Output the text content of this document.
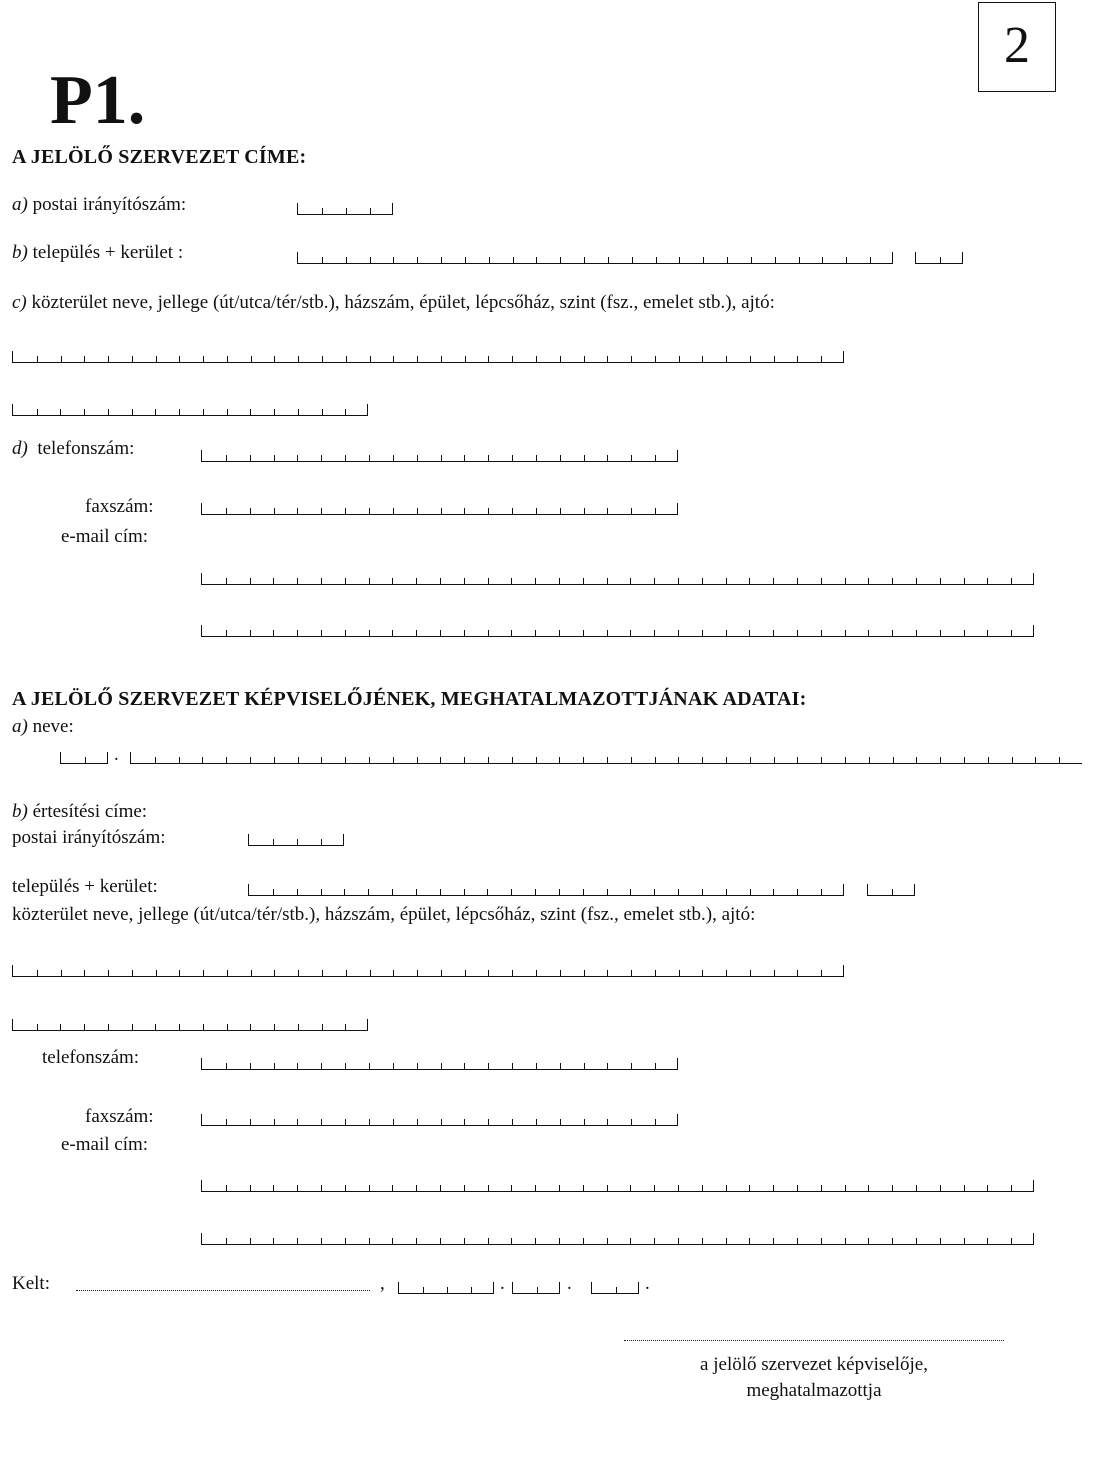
P1.
2
A JELÖLŐ SZERVEZET CÍME:
a) postai irányítószám:
b) település + kerület :
c) közterület neve, jellege (út/utca/tér/stb.), házszám, épület, lépcsőház, szint (fsz., emelet stb.), ajtó:
d) telefonszám:
faxszám:
e-mail cím:
A JELÖLŐ SZERVEZET KÉPVISELŐJÉNEK, MEGHATALMAZOTTJÁNAK ADATAI:
a) neve:
.
b) értesítési címe:
postai irányítószám:
település + kerület:
közterület neve, jellege (út/utca/tér/stb.), házszám, épület, lépcsőház, szint (fsz., emelet stb.), ajtó:
telefonszám:
faxszám:
e-mail cím:
Kelt:	,	.	.	.
a jelölő szervezet képviselője,
meghatalmazottja
